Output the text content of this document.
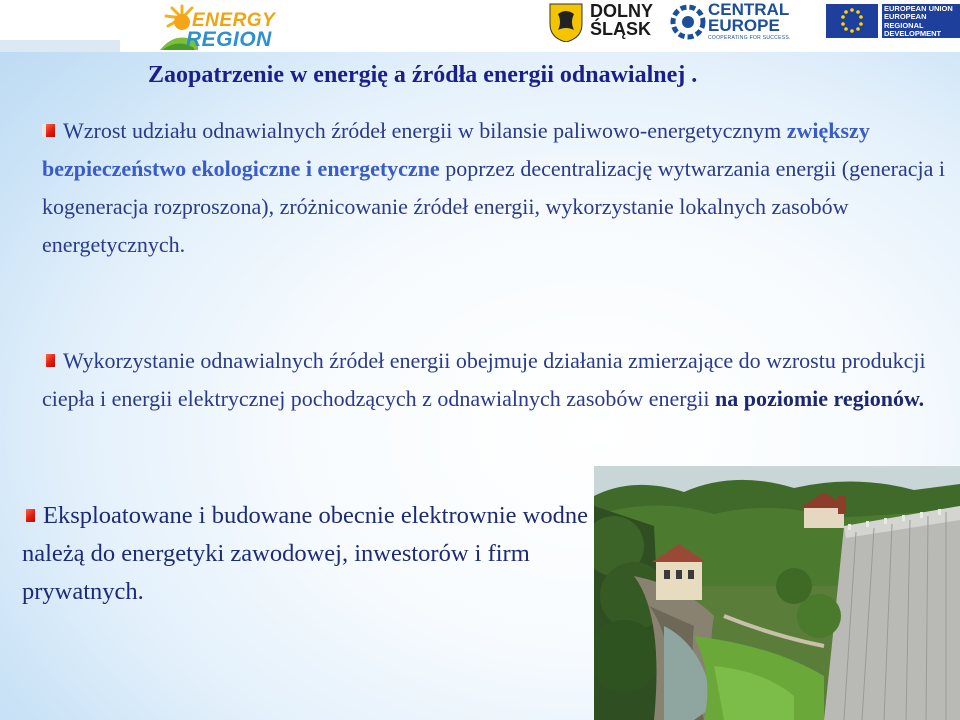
ENERGY
REGION
DOLNY
ŚLĄSK
CENTRAL
EUROPE
COOPERATING FOR SUCCESS.
EUROPEAN UNION
EUROPEAN REGIONAL
DEVELOPMENT FUND
Zaopatrzenie w energię a źródła energii odnawialnej .
Wzrost udziału odnawialnych źródeł energii w bilansie paliwowo-energetycznym zwiększy bezpieczeństwo ekologiczne i energetyczne poprzez decentralizację wytwarzania energii (generacja i kogeneracja rozproszona), zróżnicowanie źródeł energii, wykorzystanie lokalnych zasobów energetycznych.
Wykorzystanie odnawialnych źródeł energii obejmuje działania zmierzające do wzrostu produkcji ciepła i energii elektrycznej pochodzących z odnawialnych zasobów energii na poziomie regionów.
Eksploatowane i budowane obecnie elektrownie wodne należą do energetyki zawodowej, inwestorów i firm prywatnych.
